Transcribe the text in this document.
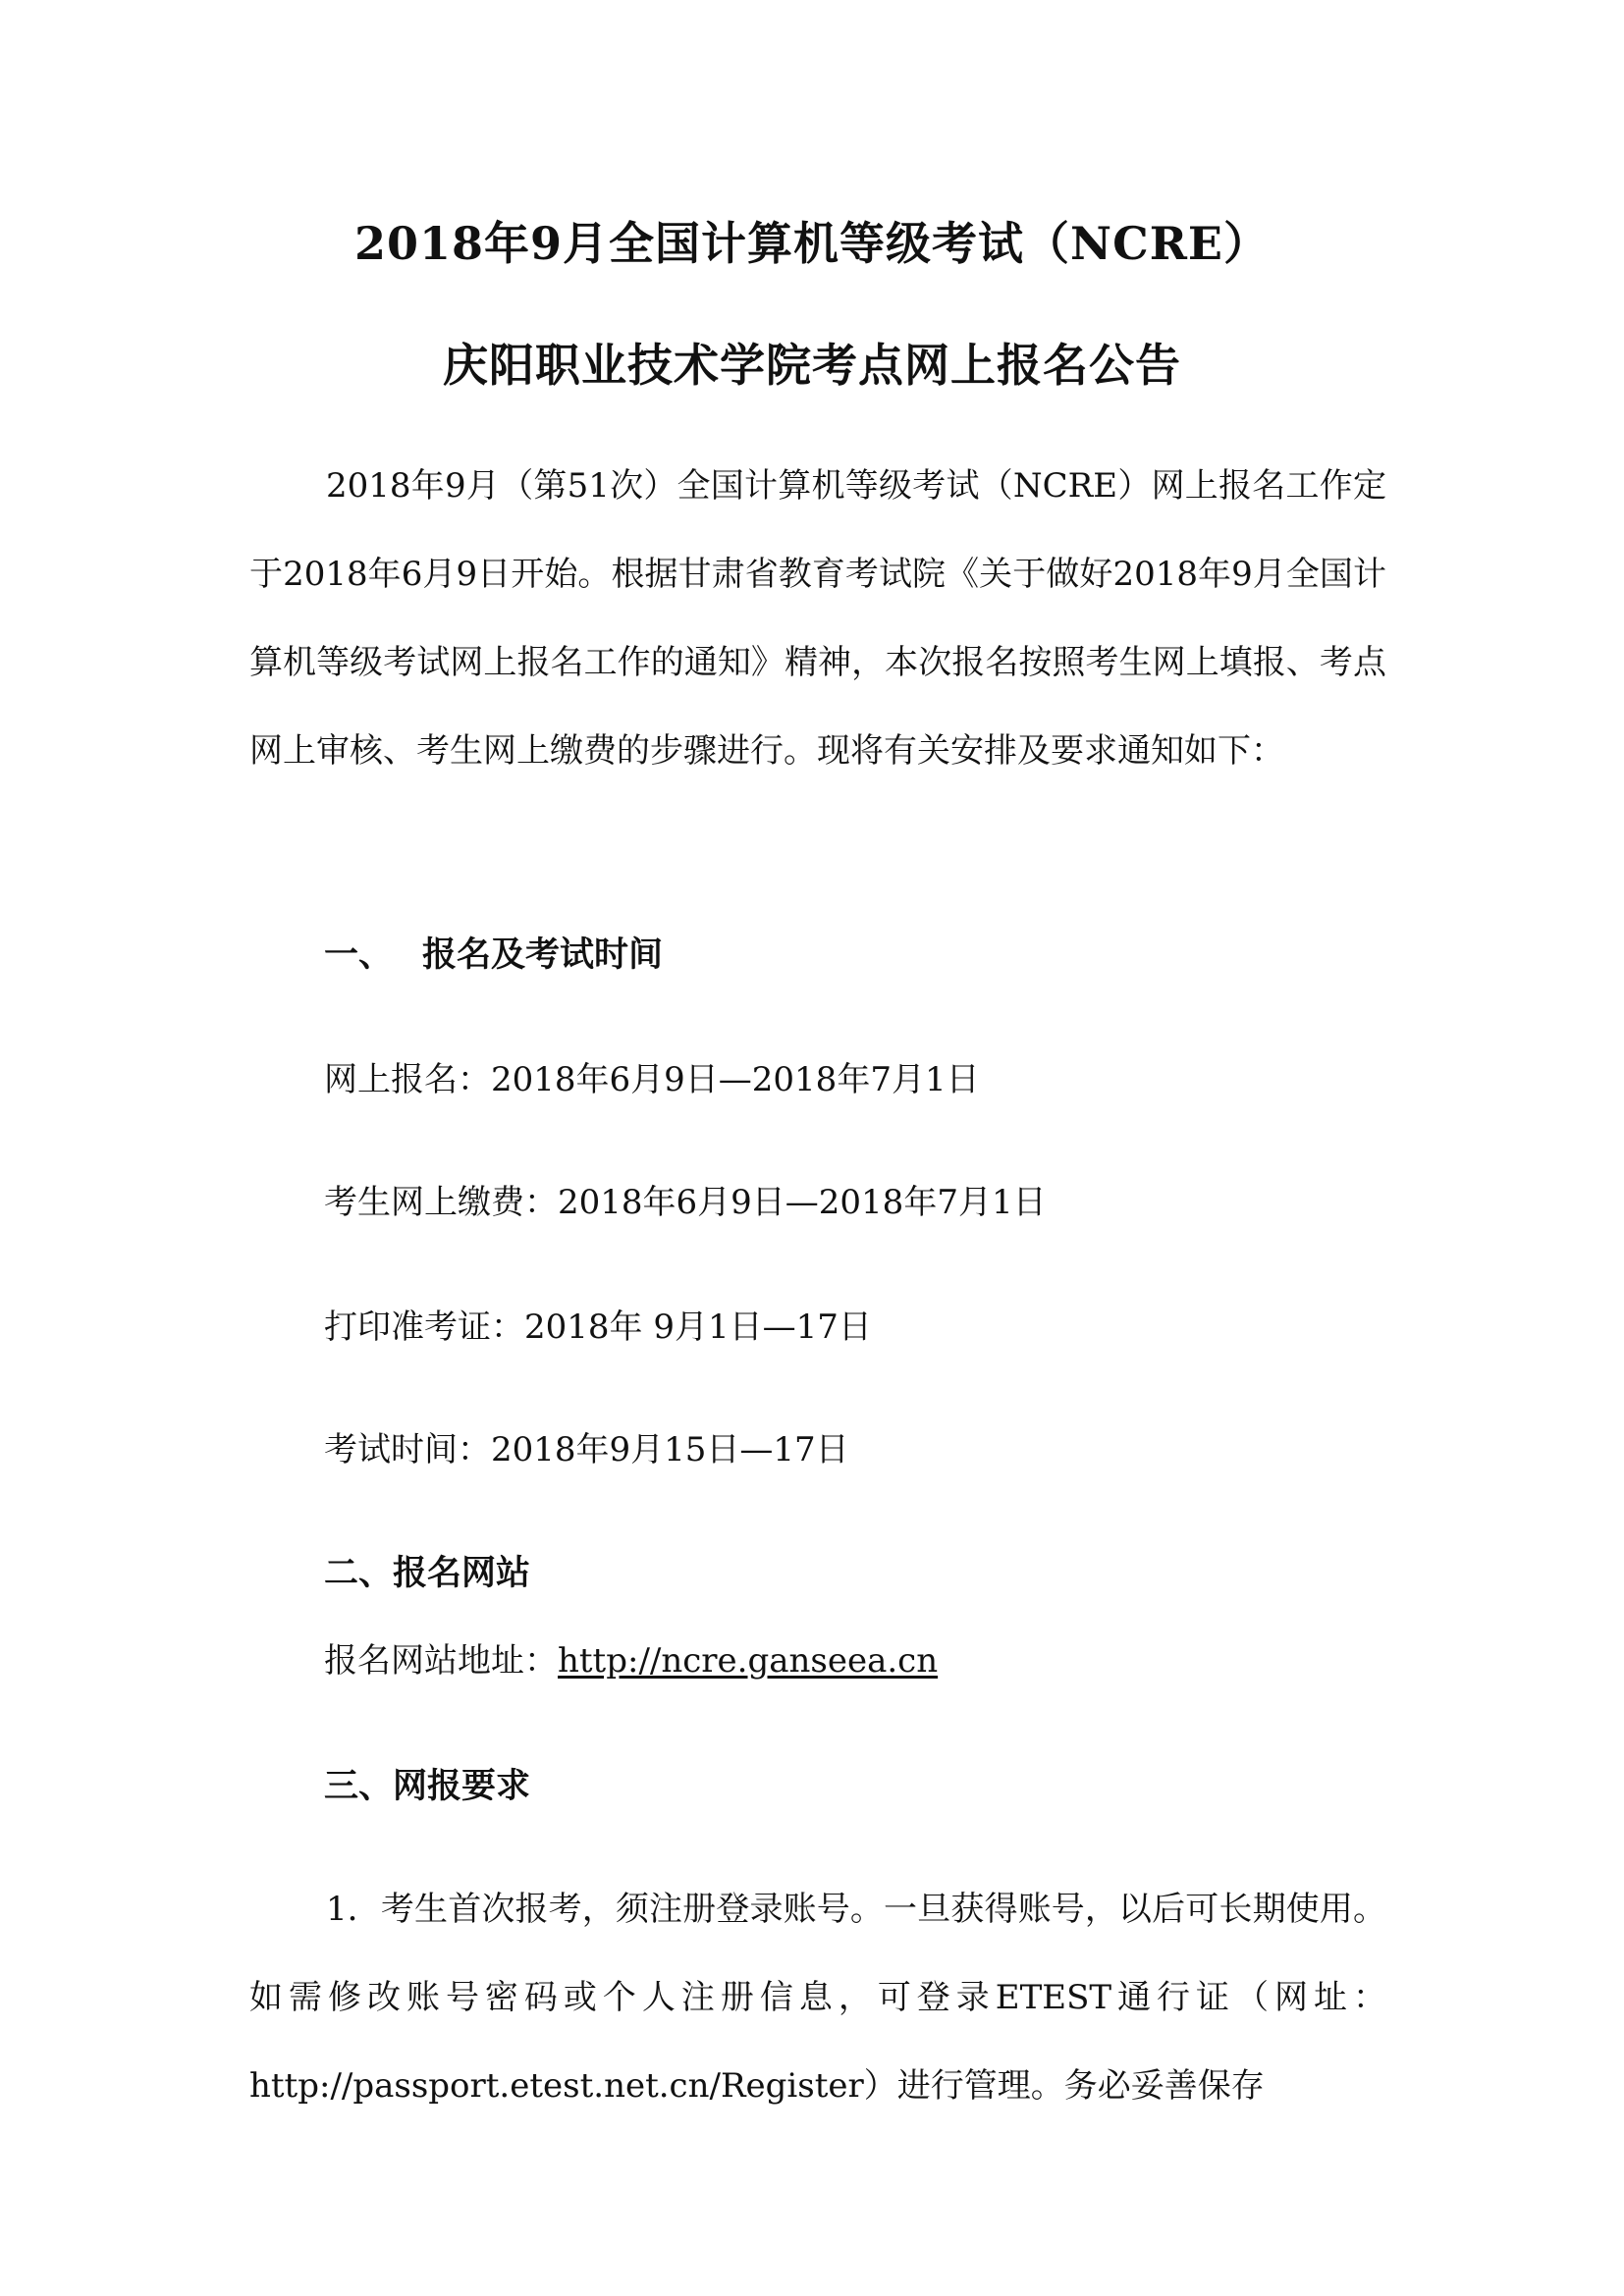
2018年9月全国计算机等级考试（NCRE）
庆阳职业技术学院考点网上报名公告
2018年9月（第51次）全国计算机等级考试（NCRE）网上报名工作定于2018年6月9日开始。根据甘肃省教育考试院《关于做好2018年9月全国计算机等级考试网上报名工作的通知》精神，本次报名按照考生网上填报、考点网上审核、考生网上缴费的步骤进行。现将有关安排及要求通知如下：
一、 报名及考试时间
网上报名：2018年6月9日—2018年7月1日
考生网上缴费：2018年6月9日—2018年7月1日
打印准考证：2018年 9月1日—17日
考试时间：2018年9月15日—17日
二、报名网站
报名网站地址：http://ncre.ganseea.cn
三、网报要求
1．考生首次报考，须注册登录账号。一旦获得账号，以后可长期使用。如需修改账号密码或个人注册信息，可登录ETEST通行证（网址：http://passport.etest.net.cn/Register）进行管理。务必妥善保存
